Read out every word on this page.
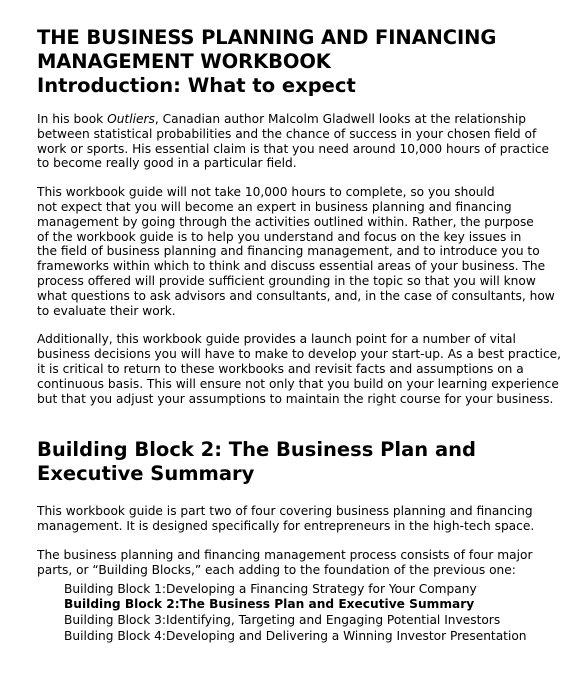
THE BUSINESS PLANNING AND FINANCING
MANAGEMENT WORKBOOK
Introduction: What to expect

In his book Outliers, Canadian author Malcolm Gladwell looks at the relationship
between statistical probabilities and the chance of success in your chosen field of
work or sports. His essential claim is that you need around 10,000 hours of practice
to become really good in a particular field.

This workbook guide will not take 10,000 hours to complete, so you should
not expect that you will become an expert in business planning and financing
management by going through the activities outlined within. Rather, the purpose
of the workbook guide is to help you understand and focus on the key issues in
the field of business planning and financing management, and to introduce you to
frameworks within which to think and discuss essential areas of your business. The
process offered will provide sufficient grounding in the topic so that you will know
what questions to ask advisors and consultants, and, in the case of consultants, how
to evaluate their work.

Additionally, this workbook guide provides a launch point for a number of vital
business decisions you will have to make to develop your start-up. As a best practice,
it is critical to return to these workbooks and revisit facts and assumptions on a
continuous basis. This will ensure not only that you build on your learning experience
but that you adjust your assumptions to maintain the right course for your business.

Building Block 2: The Business Plan and
Executive Summary

This workbook guide is part two of four covering business planning and financing
management. It is designed specifically for entrepreneurs in the high-tech space.

The business planning and financing management process consists of four major
parts, or “Building Blocks,” each adding to the foundation of the previous one:

Building Block 1:Developing a Financing Strategy for Your Company
Building Block 2:The Business Plan and Executive Summary
Building Block 3:Identifying, Targeting and Engaging Potential Investors
Building Block 4:Developing and Delivering a Winning Investor Presentation
